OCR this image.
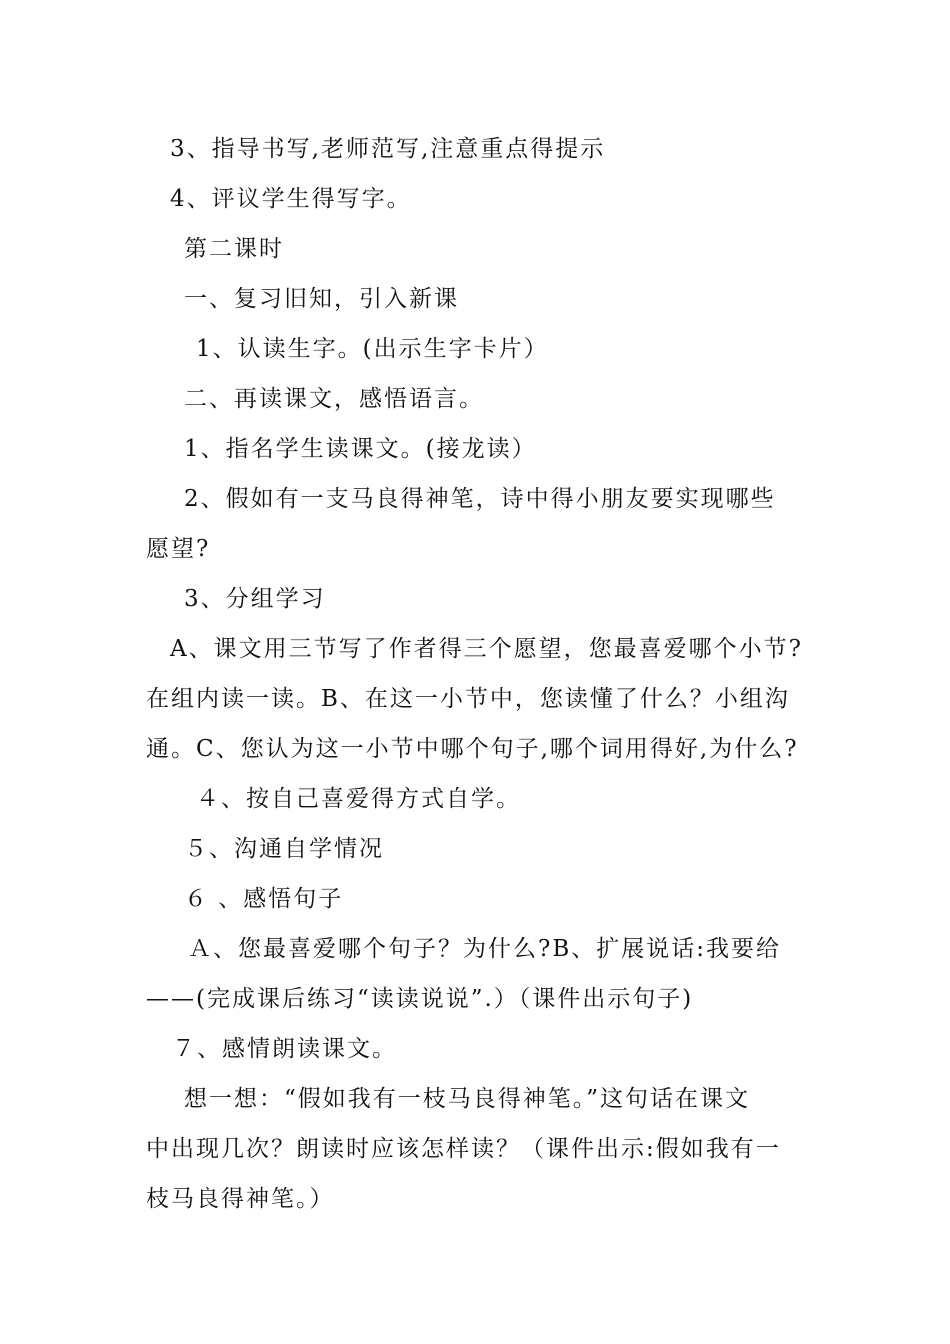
3、指导书写,老师范写,注意重点得提示
4、评议学生得写字。
第二课时
一、复习旧知，引入新课
1、认读生字。(出示生字卡片）
二、再读课文，感悟语言。
1、指名学生读课文。(接龙读）
2、假如有一支马良得神笔，诗中得小朋友要实现哪些
愿望?
3、分组学习
A、课文用三节写了作者得三个愿望，您最喜爱哪个小节?
在组内读一读。B、在这一小节中，您读懂了什么？小组沟
通。C、您认为这一小节中哪个句子,哪个词用得好,为什么?
４、按自己喜爱得方式自学。
５、沟通自学情况
６ 、感悟句子
Ａ、您最喜爱哪个句子？为什么?B、扩展说话:我要给
——(完成课后练习“读读说说”.）（课件出示句子)
７、感情朗读课文。
想一想：“假如我有一枝马良得神笔。”这句话在课文
中出现几次？朗读时应该怎样读？（课件出示:假如我有一
枝马良得神笔。）
